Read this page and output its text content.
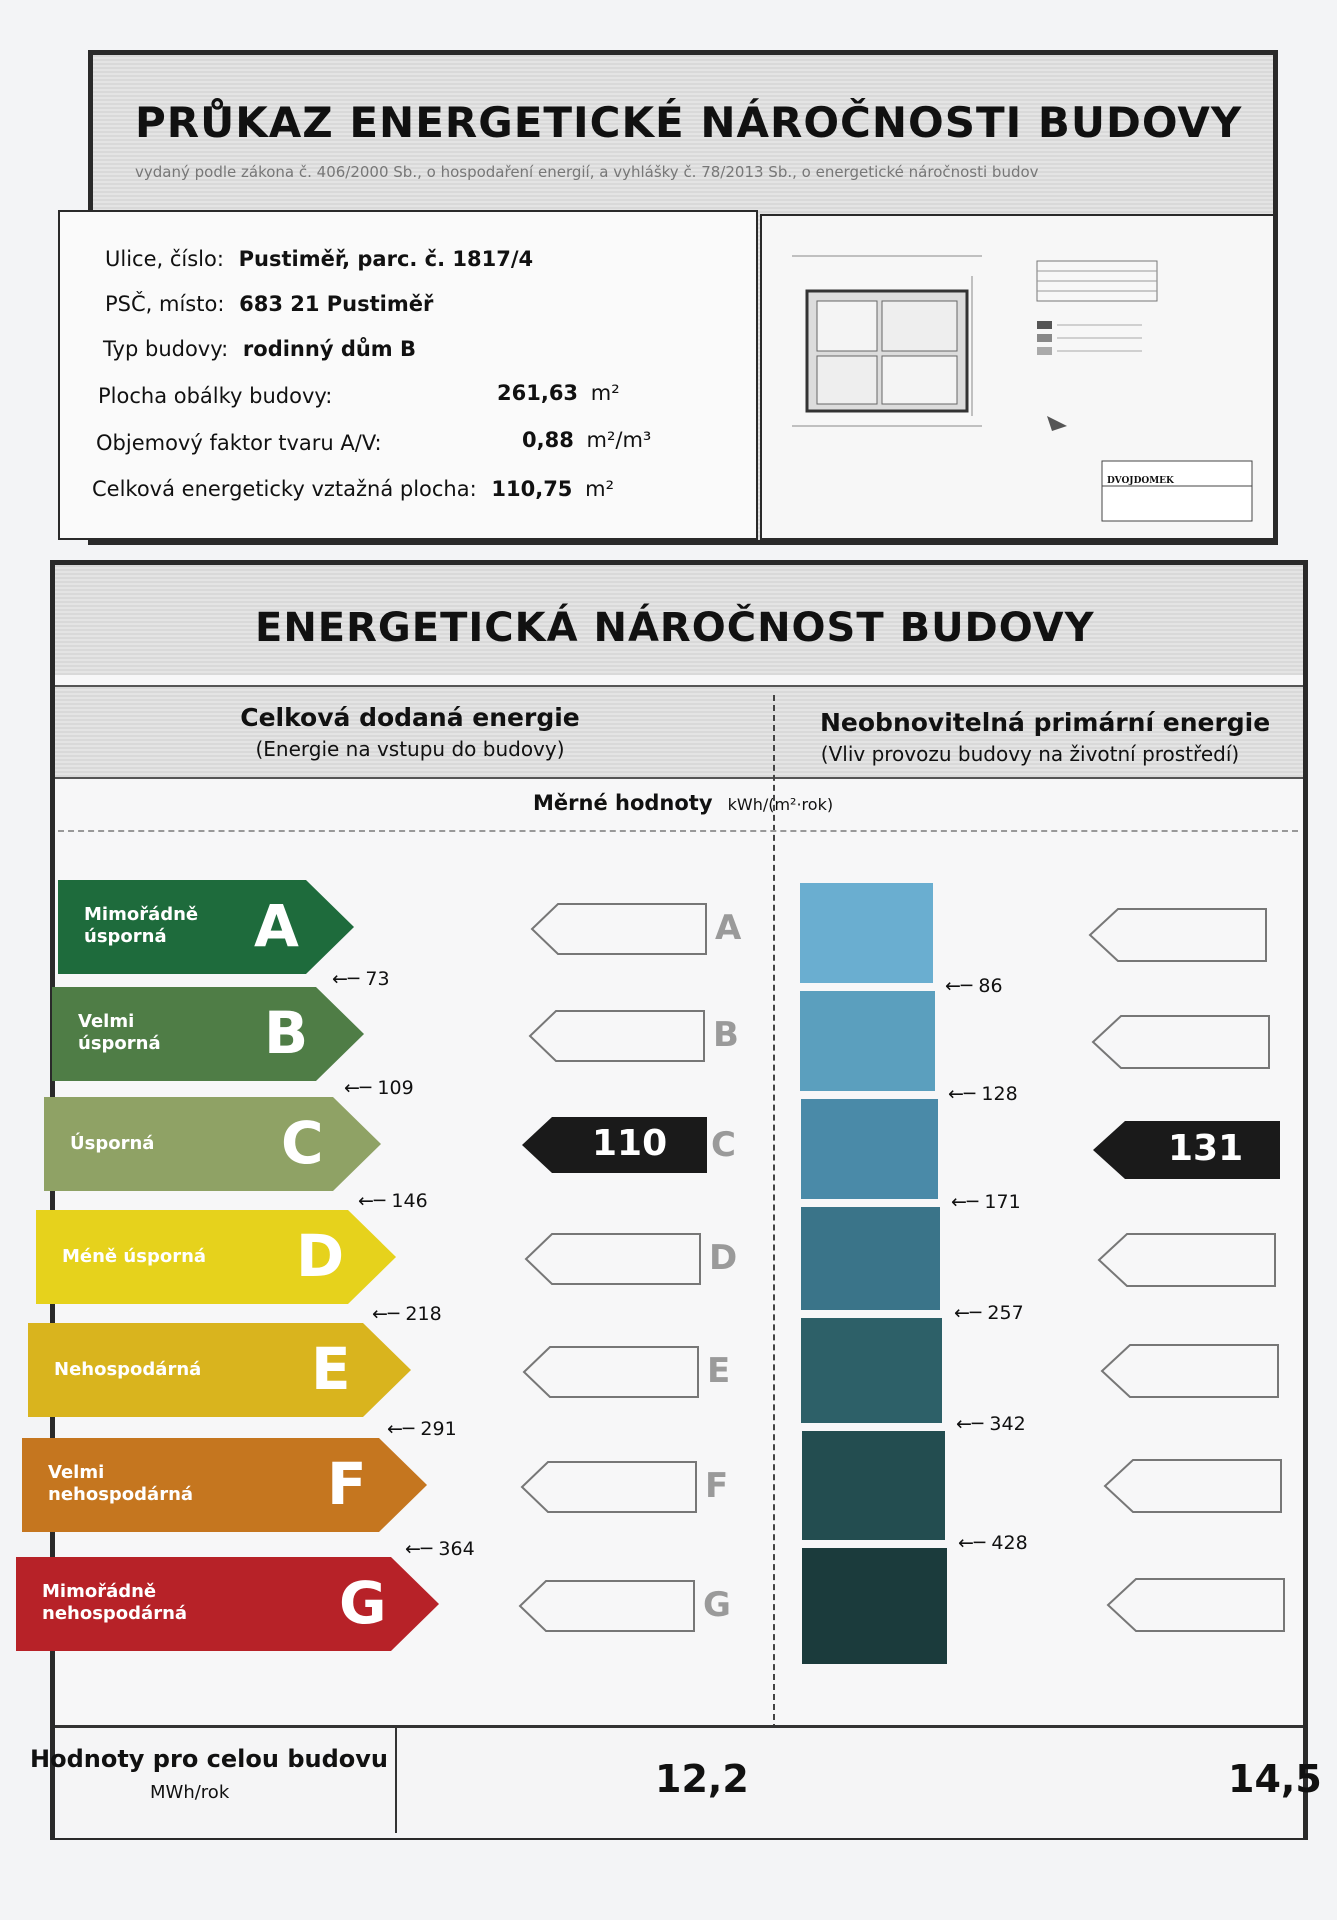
PRŮKAZ ENERGETICKÉ NÁROČNOSTI BUDOVY
vydaný podle zákona č. 406/2000 Sb., o hospodaření energií, a vyhlášky č. 78/2013 Sb., o energetické náročnosti budov
Ulice, číslo: Pustiměř, parc. č. 1817/4
PSČ, místo: 683 21 Pustiměř
Typ budovy: rodinný dům B
Plocha obálky budovy:	261,63 m²
Objemový faktor tvaru A/V:	0,88 m²/m³
Celková energeticky vztažná plocha: 110,75 m²	DVOJDOMEK
ENERGETICKÁ NÁROČNOST BUDOVY
Celková dodaná energie
(Energie na vstupu do budovy)
Neobnovitelná primární energie
(Vliv provozu budovy na životní prostředí)
Měrné hodnoty kWh/(m²·rok)
Mimořádně
úsporná	A
Velmi
úsporná B
Úsporná C
Méně úsporná D
Nehospodárná E
Velmi
nehospodárná F
Mimořádně
nehospodárná	G
A
B
C
D
E
F
G
←─ 73
←─ 109
←─ 146
←─ 218
←─ 291
←─ 364
←─ 86
←─ 128
←─ 171
←─ 257
←─ 342
←─ 428
110	131
Hodnoty pro celou budovu
MWh/rok	12,2	14,5
